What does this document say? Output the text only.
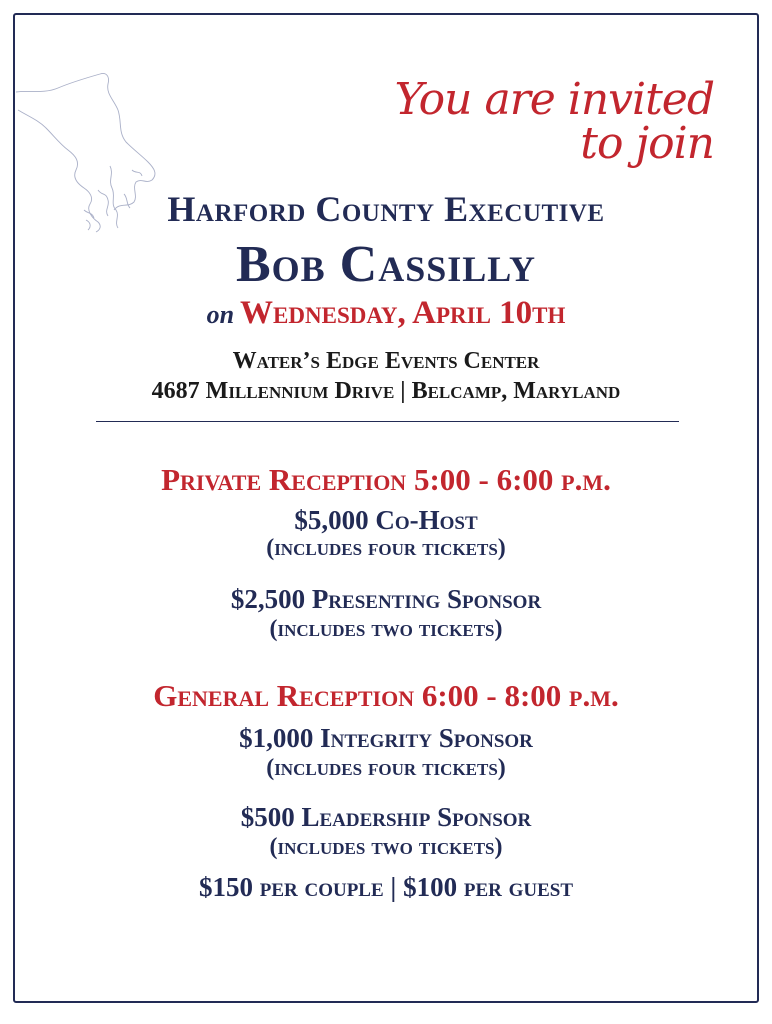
You are invited
to join
Harford County Executive
Bob Cassilly
on Wednesday, April 10th
Water’s Edge Events Center
4687 Millennium Drive | Belcamp, Maryland
Private Reception 5:00 - 6:00 p.m.
$5,000 Co-Host
(includes four tickets)
$2,500 Presenting Sponsor
(includes two tickets)
General Reception 6:00 - 8:00 p.m.
$1,000 Integrity Sponsor
(includes four tickets)
$500 Leadership Sponsor
(includes two tickets)
$150 per couple | $100 per guest
